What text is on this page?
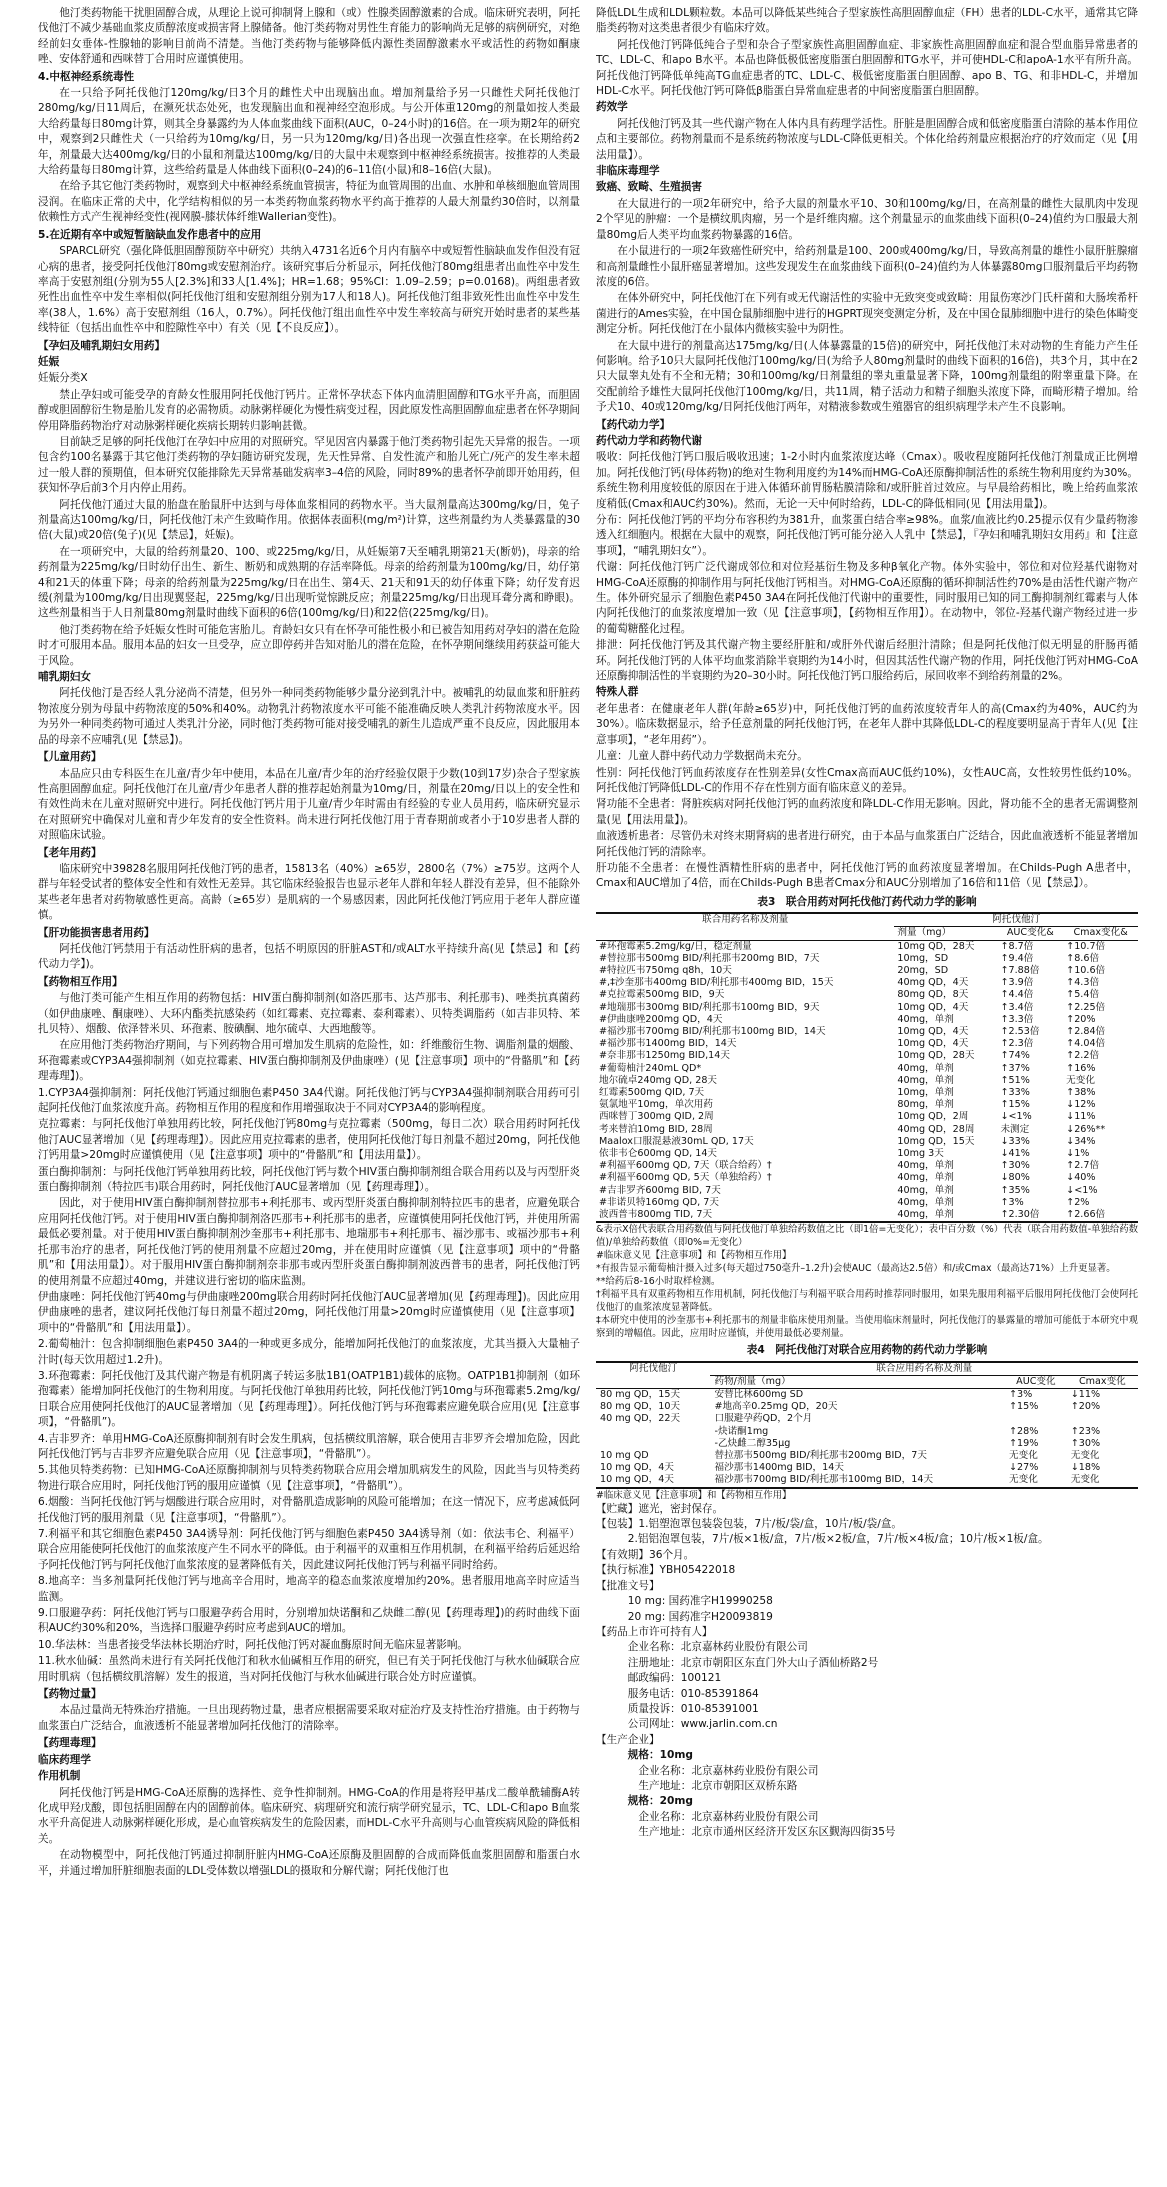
他汀类药物能干扰胆固醇合成，从理论上说可抑制肾上腺和（或）性腺类固醇激素的合成。临床研究表明，阿托伐他汀不减少基础血浆皮质醇浓度或损害肾上腺储备。他汀类药物对男性生育能力的影响尚无足够的病例研究，对绝经前妇女垂体-性腺轴的影响目前尚不清楚。当他汀类药物与能够降低内源性类固醇激素水平或活性的药物如酮康唑、安体舒通和西咪替丁合用时应谨慎使用。

4.中枢神经系统毒性

在一只给予阿托伐他汀120mg/kg/日3个月的雌性犬中出现脑出血。增加剂量给予另一只雌性犬阿托伐他汀280mg/kg/日11周后，在濒死状态处死，也发现脑出血和视神经空泡形成。与公开体重120mg的剂量如按人类最大给药量每日80mg计算，则其全身暴露约为人体血浆曲线下面积(AUC，0–24小时)的16倍。在一项为期2年的研究中，观察到2只雌性犬（一只给药为10mg/kg/日，另一只为120mg/kg/日)各出现一次强直性痉挛。在长期给药2年，剂量最大达400mg/kg/日的小鼠和剂量达100mg/kg/日的大鼠中未观察到中枢神经系统损害。按推荐的人类最大给药量每日80mg计算，这些给药量是人体曲线下面积(0–24)的6–11倍(小鼠)和8–16倍(大鼠)。

在给予其它他汀类药物时，观察到犬中枢神经系统血管损害，特征为血管周围的出血、水肿和单核细胞血管周围浸润。在临床正常的犬中，化学结构相似的另一本类药物血浆药物水平约高于推荐的人最大剂量约30倍时，以剂量依赖性方式产生视神经变性(视网膜-膝状体纤维Wallerian变性)。

5.在近期有卒中或短暂脑缺血发作患者中的应用

SPARCL研究（强化降低胆固醇预防卒中研究）共纳入4731名近6个月内有脑卒中或短暂性脑缺血发作但没有冠心病的患者，接受阿托伐他汀80mg或安慰剂治疗。该研究事后分析显示，阿托伐他汀80mg组患者出血性卒中发生率高于安慰剂组(分别为55人[2.3%]和33人[1.4%]；HR=1.68；95%CI：1.09–2.59；p=0.0168)。两组患者致死性出血性卒中发生率相似(阿托伐他汀组和安慰剂组分别为17人和18人)。阿托伐他汀组非致死性出血性卒中发生率(38人，1.6%）高于安慰剂组（16人，0.7%）。阿托伐他汀组出血性卒中发生率较高与研究开始时患者的某些基线特征（包括出血性卒中和腔隙性卒中）有关（见【不良反应】）。

【孕妇及哺乳期妇女用药】

妊娠

妊娠分类X

禁止孕妇或可能受孕的育龄女性服用阿托伐他汀钙片。正常怀孕状态下体内血清胆固醇和TG水平升高，而胆固醇或胆固醇衍生物是胎儿发育的必需物质。动脉粥样硬化为慢性病变过程，因此原发性高胆固醇血症患者在怀孕期间停用降脂药物治疗对动脉粥样硬化疾病长期转归影响甚微。

目前缺乏足够的阿托伐他汀在孕妇中应用的对照研究。罕见因宫内暴露于他汀类药物引起先天异常的报告。一项包含约100名暴露于其它他汀类药物的孕妇随访研究发现，先天性异常、自发性流产和胎儿死亡/死产的发生率未超过一般人群的预期值，但本研究仅能排除先天异常基础发病率3–4倍的风险，同时89%的患者怀孕前即开始用药，但获知怀孕后前3个月内停止用药。

阿托伐他汀通过大鼠的胎盘在胎鼠肝中达到与母体血浆相同的药物水平。当大鼠剂量高达300mg/kg/日，兔子剂量高达100mg/kg/日，阿托伐他汀未产生致畸作用。依据体表面积(mg/m²)计算，这些剂量约为人类暴露量的30倍(大鼠)或20倍(兔子)(见【禁忌】，妊娠)。

在一项研究中，大鼠的给药剂量20、100、或225mg/kg/日，从妊娠第7天至哺乳期第21天(断奶)，母亲的给药剂量为225mg/kg/日时幼仔出生、新生、断奶和成熟期的存活率降低。母亲的给药剂量为100mg/kg/日，幼仔第4和21天的体重下降；母亲的给药剂量为225mg/kg/日在出生、第4天、21天和91天的幼仔体重下降；幼仔发育迟缓(剂量为100mg/kg/日出现翼竖起，225mg/kg/日出现听觉惊跳反应；剂量225mg/kg/日出现耳聋分离和睁眼)。这些剂量相当于人日剂量80mg剂量时曲线下面积的6倍(100mg/kg/日)和22倍(225mg/kg/日)。

他汀类药物在给予妊娠女性时可能危害胎儿。育龄妇女只有在怀孕可能性极小和已被告知用药对孕妇的潜在危险时才可服用本品。服用本品的妇女一旦受孕，应立即停药并告知对胎儿的潜在危险，在怀孕期间继续用药获益可能大于风险。

哺乳期妇女

阿托伐他汀是否经人乳分泌尚不清楚，但另外一种同类药物能够少量分泌到乳汁中。被哺乳的幼鼠血浆和肝脏药物浓度分别为母鼠中药物浓度的50%和40%。动物乳汁药物浓度水平可能不能准确反映人类乳汁药物浓度水平。因为另外一种同类药物可通过人类乳汁分泌，同时他汀类药物可能对接受哺乳的新生儿造成严重不良反应，因此服用本品的母亲不应哺乳(见【禁忌】)。

【儿童用药】

本品应只由专科医生在儿童/青少年中使用，本品在儿童/青少年的治疗经验仅限于少数(10到17岁)杂合子型家族性高胆固醇血症。阿托伐他汀在儿童/青少年患者人群的推荐起始剂量为10mg/日，剂量在20mg/日以上的安全性和有效性尚未在儿童对照研究中进行。阿托伐他汀钙片用于儿童/青少年时需由有经验的专业人员用药，临床研究显示在对照研究中确保对儿童和青少年发育的安全性资料。尚未进行阿托伐他汀用于青春期前或者小于10岁患者人群的对照临床试验。

【老年用药】

临床研究中39828名服用阿托伐他汀钙的患者，15813名（40%）≥65岁，2800名（7%）≥75岁。这两个人群与年轻受试者的整体安全性和有效性无差异。其它临床经验报告也显示老年人群和年轻人群没有差异，但不能除外某些老年患者对药物敏感性更高。高龄（≥65岁）是肌病的一个易感因素，因此阿托伐他汀钙应用于老年人群应谨慎。

【肝功能损害患者用药】

阿托伐他汀钙禁用于有活动性肝病的患者，包括不明原因的肝脏AST和/或ALT水平持续升高(见【禁忌】和【药代动力学】)。

【药物相互作用】

与他汀类可能产生相互作用的药物包括：HIV蛋白酶抑制剂(如洛匹那韦、达芦那韦、利托那韦)、唑类抗真菌药（如伊曲康唑、酮康唑）、大环内酯类抗感染药（如红霉素、克拉霉素、泰利霉素）、贝特类调脂药（如吉非贝特、苯扎贝特）、烟酸、依泽替米贝、环孢素、胺碘酮、地尔硫卓、大西地酸等。

在应用他汀类药物治疗期间，与下列药物合用可增加发生肌病的危险性，如：纤维酸衍生物、调脂剂量的烟酸、环孢霉素或CYP3A4强抑制剂（如克拉霉素、HIV蛋白酶抑制剂及伊曲康唑）(见【注意事项】项中的“骨骼肌”和【药理毒理】)。

1.CYP3A4强抑制剂：阿托伐他汀钙通过细胞色素P450 3A4代谢。阿托伐他汀钙与CYP3A4强抑制剂联合用药可引起阿托伐他汀血浆浓度升高。药物相互作用的程度和作用增强取决于不同对CYP3A4的影响程度。

克拉霉素：与阿托伐他汀单独用药比较，阿托伐他汀钙80mg与克拉霉素（500mg，每日二次）联合用药时阿托伐他汀AUC显著增加（见【药理毒理】）。因此应用克拉霉素的患者，使用阿托伐他汀每日剂量不超过20mg，阿托伐他汀钙用量>20mg时应谨慎使用（见【注意事项】项中的“骨骼肌”和【用法用量】）。

蛋白酶抑制剂：与阿托伐他汀钙单独用药比较，阿托伐他汀钙与数个HIV蛋白酶抑制剂组合联合用药以及与丙型肝炎蛋白酶抑制剂（特拉匹韦)联合用药时，阿托伐他汀AUC显著增加（见【药理毒理】）。

因此，对于使用HIV蛋白酶抑制剂替拉那韦+利托那韦、或丙型肝炎蛋白酶抑制剂特拉匹韦的患者，应避免联合应用阿托伐他汀钙。对于使用HIV蛋白酶抑制剂洛匹那韦+利托那韦的患者，应谨慎使用阿托伐他汀钙，并使用所需最低必要剂量。对于使用HIV蛋白酶抑制剂沙奎那韦+利托那韦、地瑞那韦+利托那韦、福沙那韦、或福沙那韦+利托那韦治疗的患者，阿托伐他汀钙的使用剂量不应超过20mg，并在使用时应谨慎（见【注意事项】项中的“骨骼肌”和【用法用量】）。对于服用HIV蛋白酶抑制剂奈非那韦或丙型肝炎蛋白酶抑制剂波西普韦的患者，阿托伐他汀钙的使用剂量不应超过40mg，并建议进行密切的临床监测。

伊曲康唑：阿托伐他汀钙40mg与伊曲康唑200mg联合用药时阿托伐他汀AUC显著增加(见【药理毒理】)。因此应用伊曲康唑的患者，建议阿托伐他汀每日剂量不超过20mg，阿托伐他汀用量>20mg时应谨慎使用（见【注意事项】项中的“骨骼肌”和【用法用量】）。

2.葡萄柚汁：包含抑制细胞色素P450 3A4的一种或更多成分，能增加阿托伐他汀的血浆浓度，尤其当摄入大量柚子汁时(每天饮用超过1.2升)。

3.环孢霉素：阿托伐他汀及其代谢产物是有机阴离子转运多肽1B1(OATP1B1)载体的底物。OATP1B1抑制剂（如环孢霉素）能增加阿托伐他汀的生物利用度。与阿托伐他汀单独用药比较，阿托伐他汀钙10mg与环孢霉素5.2mg/kg/日联合应用使阿托伐他汀的AUC显著增加（见【药理毒理】）。阿托伐他汀钙与环孢霉素应避免联合应用(见【注意事项】，“骨骼肌”)。

4.吉非罗齐：单用HMG-CoA还原酶抑制剂有时会发生肌病，包括横纹肌溶解，联合使用吉非罗齐会增加危险，因此阿托伐他汀钙与吉非罗齐应避免联合应用（见【注意事项】，“骨骼肌”）。

5.其他贝特类药物：已知HMG-CoA还原酶抑制剂与贝特类药物联合应用会增加肌病发生的风险，因此当与贝特类药物进行联合应用时，阿托伐他汀钙的服用应谨慎（见【注意事项】，“骨骼肌”）。

6.烟酸：当阿托伐他汀钙与烟酸进行联合应用时，对骨骼肌造成影响的风险可能增加；在这一情况下，应考虑减低阿托伐他汀钙的服用剂量（见【注意事项】，“骨骼肌”）。

7.利福平和其它细胞色素P450 3A4诱导剂：阿托伐他汀钙与细胞色素P450 3A4诱导剂（如：依法韦仑、利福平）联合应用能使阿托伐他汀的血浆浓度产生不同水平的降低。由于利福平的双重相互作用机制，在利福平给药后延迟给予阿托伐他汀钙与阿托伐他汀血浆浓度的显著降低有关，因此建议阿托伐他汀钙与利福平同时给药。

8.地高辛：当多剂量阿托伐他汀钙与地高辛合用时，地高辛的稳态血浆浓度增加约20%。患者服用地高辛时应适当监测。

9.口服避孕药：阿托伐他汀钙与口服避孕药合用时，分别增加炔诺酮和乙炔雌二醇(见【药理毒理】)的药时曲线下面积AUC约30%和20%，当选择口服避孕药时应考虑到AUC的增加。

10.华法林：当患者接受华法林长期治疗时，阿托伐他汀钙对凝血酶原时间无临床显著影响。

11.秋水仙碱：虽然尚未进行有关阿托伐他汀和秋水仙碱相互作用的研究，但已有关于阿托伐他汀与秋水仙碱联合应用时肌病（包括横纹肌溶解）发生的报道，当对阿托伐他汀与秋水仙碱进行联合处方时应谨慎。

【药物过量】

本品过量尚无特殊治疗措施。一旦出现药物过量，患者应根据需要采取对症治疗及支持性治疗措施。由于药物与血浆蛋白广泛结合，血液透析不能显著增加阿托伐他汀的清除率。

【药理毒理】

临床药理学

作用机制

阿托伐他汀钙是HMG-CoA还原酶的选择性、竞争性抑制剂。HMG-CoA的作用是将羟甲基戊二酸单酰辅酶A转化成甲羟戊酸，即包括胆固醇在内的固醇前体。临床研究、病理研究和流行病学研究显示，TC、LDL-C和apo B血浆水平升高促进人动脉粥样硬化形成，是心血管疾病发生的危险因素，而HDL-C水平升高则与心血管疾病风险的降低相关。

在动物模型中，阿托伐他汀钙通过抑制肝脏内HMG-CoA还原酶及胆固醇的合成而降低血浆胆固醇和脂蛋白水平，并通过增加肝脏细胞表面的LDL受体数以增强LDL的摄取和分解代谢；阿托伐他汀也

降低LDL生成和LDL颗粒数。本品可以降低某些纯合子型家族性高胆固醇血症（FH）患者的LDL-C水平，通常其它降脂类药物对这类患者很少有临床疗效。

阿托伐他汀钙降低纯合子型和杂合子型家族性高胆固醇血症、非家族性高胆固醇血症和混合型血脂异常患者的TC、LDL-C、和apo B水平。本品也降低极低密度脂蛋白胆固醇和TG水平，并可使HDL-C和apoA-1水平有所升高。阿托伐他汀钙降低单纯高TG血症患者的TC、LDL-C、极低密度脂蛋白胆固醇、apo B、TG、和非HDL-C，并增加HDL-C水平。阿托伐他汀钙可降低β脂蛋白异常血症患者的中间密度脂蛋白胆固醇。

药效学

阿托伐他汀钙及其一些代谢产物在人体内具有药理学活性。肝脏是胆固醇合成和低密度脂蛋白清除的基本作用位点和主要部位。药物剂量而不是系统药物浓度与LDL-C降低更相关。个体化给药剂量应根据治疗的疗效而定（见【用法用量】）。

非临床毒理学

致癌、致畸、生殖损害

在大鼠进行的一项2年研究中，给予大鼠的剂量水平10、30和100mg/kg/日，在高剂量的雌性大鼠肌肉中发现2个罕见的肿瘤：一个是横纹肌肉瘤，另一个是纤维肉瘤。这个剂量显示的血浆曲线下面积(0–24)值约为口服最大剂量80mg后人类平均血浆药物暴露的16倍。

在小鼠进行的一项2年致癌性研究中，给药剂量是100、200或400mg/kg/日，导致高剂量的雄性小鼠肝脏腺瘤和高剂量雌性小鼠肝癌显著增加。这些发现发生在血浆曲线下面积(0–24)值约为人体暴露80mg口服剂量后平均药物浓度的6倍。

在体外研究中，阿托伐他汀在下列有或无代谢活性的实验中无致突变或致畸：用鼠伤寒沙门氏杆菌和大肠埃希杆菌进行的Ames实验，在中国仓鼠肺细胞中进行的HGPRT现突变测定分析，及在中国仓鼠肺细胞中进行的染色体畸变测定分析。阿托伐他汀在小鼠体内微核实验中为阴性。

在大鼠中进行的剂量高达175mg/kg/日(人体暴露量的15倍)的研究中，阿托伐他汀未对动物的生育能力产生任何影响。给予10只大鼠阿托伐他汀100mg/kg/日(为给予人80mg剂量时的曲线下面积的16倍)，共3个月，其中在2只大鼠睾丸处有不全和无精；30和100mg/kg/日剂量组的睾丸重量显著下降，100mg剂量组的附睾重量下降。在交配前给予雄性大鼠阿托伐他汀100mg/kg/日，共11周，精子活动力和精子细胞头浓度下降，而畸形精子增加。给予犬10、40或120mg/kg/日阿托伐他汀两年，对精液参数或生殖器官的组织病理学未产生不良影响。

【药代动力学】

药代动力学和药物代谢

吸收：阿托伐他汀钙口服后吸收迅速；1-2小时内血浆浓度达峰（Cmax）。吸收程度随阿托伐他汀剂量成正比例增加。阿托伐他汀钙(母体药物)的绝对生物利用度约为14%而HMG-CoA还原酶抑制活性的系统生物利用度约为30%。系统生物利用度较低的原因在于进入体循环前胃肠粘膜清除和/或肝脏首过效应。与早晨给药相比，晚上给药血浆浓度稍低(Cmax和AUC约30%)。然而，无论一天中何时给药，LDL-C的降低相同(见【用法用量】)。

分布：阿托伐他汀钙的平均分布容积约为381升，血浆蛋白结合率≥98%。血浆/血液比约0.25提示仅有少量药物渗透入红细胞内。根据在大鼠中的观察，阿托伐他汀钙可能分泌入人乳中【禁忌】，『孕妇和哺乳期妇女用药』和【注意事项】，“哺乳期妇女”）。

代谢：阿托伐他汀钙广泛代谢成邻位和对位羟基衍生物及多种β氧化产物。体外实验中，邻位和对位羟基代谢物对HMG-CoA还原酶的抑制作用与阿托伐他汀钙相当。对HMG-CoA还原酶的循环抑制活性约70%是由活性代谢产物产生。体外研究显示了细胞色素P450 3A4在阿托伐他汀代谢中的重要性，同时服用已知的同工酶抑制剂红霉素与人体内阿托伐他汀的血浆浓度增加一致（见【注意事项】，【药物相互作用】）。在动物中，邻位-羟基代谢产物经过进一步的葡萄糖醛化过程。

排泄：阿托伐他汀钙及其代谢产物主要经肝脏和/或肝外代谢后经胆汁清除；但是阿托伐他汀似无明显的肝肠再循环。阿托伐他汀钙的人体平均血浆消除半衰期约为14小时，但因其活性代谢产物的作用，阿托伐他汀钙对HMG-CoA还原酶抑制活性的半衰期约为20–30小时。阿托伐他汀钙口服给药后，尿回收率不到给药剂量的2%。

特殊人群

老年患者：在健康老年人群(年龄≥65岁)中，阿托伐他汀钙的血药浓度较青年人的高(Cmax约为40%，AUC约为30%）。临床数据显示，给予任意剂量的阿托伐他汀钙，在老年人群中其降低LDL-C的程度要明显高于青年人(见【注意事项】，“老年用药”）。

儿童：儿童人群中药代动力学数据尚未充分。

性别：阿托伐他汀钙血药浓度存在性别差异(女性Cmax高而AUC低约10%)，女性AUC高，女性较男性低约10%。阿托伐他汀钙降低LDL-C的作用不存在性别方面有临床意义的差异。

肾功能不全患者：肾脏疾病对阿托伐他汀钙的血药浓度和降LDL-C作用无影响。因此，肾功能不全的患者无需调整剂量(见【用法用量】)。

血液透析患者：尽管仍未对终末期肾病的患者进行研究，由于本品与血浆蛋白广泛结合，因此血液透析不能显著增加阿托伐他汀钙的清除率。

肝功能不全患者：在慢性酒精性肝病的患者中，阿托伐他汀钙的血药浓度显著增加。在Childs-Pugh A患者中，Cmax和AUC增加了4倍，而在Childs-Pugh B患者Cmax分和AUC分别增加了16倍和11倍（见【禁忌】）。

表3　联合用药对阿托伐他汀药代动力学的影响

联合用药名称及剂量	阿托伐他汀		
	剂量（mg）	AUC变化&	Cmax变化&
#环孢霉素5.2mg/kg/日，稳定剂量	10mg QD，28天	↑8.7倍	↑10.7倍
#替拉那韦500mg BID/利托那韦200mg BID，7天	10mg，SD	↑9.4倍	↑8.6倍
#特拉匹韦750mg q8h，10天	20mg，SD	↑7.88倍	↑10.6倍
#,‡沙奎那韦400mg BID/利托那韦400mg BID，15天	40mg QD，4天	↑3.9倍	↑4.3倍
#克拉霉素500mg BID，9天	80mg QD，8天	↑4.4倍	↑5.4倍
#地瑞那韦300mg BID/利托那韦100mg BID，9天	10mg QD，4天	↑3.4倍	↑2.25倍
#伊曲康唑200mg QD，4天	40mg，单剂	↑3.3倍	↑20%
#福沙那韦700mg BID/利托那韦100mg BID，14天	10mg QD，4天	↑2.53倍	↑2.84倍
#福沙那韦1400mg BID，14天	10mg QD，4天	↑2.3倍	↑4.04倍
#奈非那韦1250mg BID,14天	10mg QD，28天	↑74%	↑2.2倍
#葡萄柚汁240mL QD*	40mg，单剂	↑37%	↑16%
地尔硫卓240mg QD, 28天	40mg，单剂	↑51%	无变化
红霉素500mg QID, 7天	10mg，单剂	↑33%	↑38%
氨氯地平10mg，单次用药	80mg，单剂	↑15%	↓12%
西咪替丁300mg QID, 2周	10mg QD，2周	↓<1%	↓11%
考来替泊10mg BID, 28周	40mg QD，28周	未测定	↓26%**
Maalox口服混悬液30mL QD, 17天	10mg QD，15天	↓33%	↓34%
依非韦仑600mg QD, 14天	10mg 3天	↓41%	↓1%
#利福平600mg QD, 7天（联合给药）†	40mg，单剂	↑30%	↑2.7倍
#利福平600mg QD, 5天（单独给药）†	40mg，单剂	↓80%	↓40%
#吉非罗齐600mg BID, 7天	40mg，单剂	↑35%	↓<1%
#非诺贝特160mg QD, 7天	40mg，单剂	↑3%	↑2%
波西普韦800mg TID, 7天	40mg，单剂	↑2.30倍	↑2.66倍

&表示X倍代表联合用药数值与阿托伐他汀单独给药数值之比（即1倍=无变化）；表中百分数（%）代表（联合用药数值-单独给药数值)/单独给药数值（即0%=无变化）

#临床意义见【注意事项】和【药物相互作用】

*有报告显示葡萄柚汁摄入过多(每天超过750毫升–1.2升)会使AUC（最高达2.5倍）和/或Cmax（最高达71%）上升更显著。

**给药后8-16小时取样检测。

†利福平具有双重药物相互作用机制，阿托伐他汀与利福平联合用药时推荐同时服用，如果先服用利福平后服用阿托伐他汀会使阿托伐他汀的血浆浓度显著降低。

‡本研究中使用的沙奎那韦+利托那韦的剂量非临床使用剂量。当使用临床剂量时，阿托伐他汀的暴露量的增加可能低于本研究中观察到的增幅值。因此，应用时应谨慎，并使用最低必要剂量。

表4　阿托伐他汀对联合应用药物的药代动力学影响

阿托伐他汀	联合应用药名称及剂量		
	药物/剂量（mg）	AUC变化	Cmax变化
80 mg QD，15天	安替比林600mg SD	↑3%	↓11%
80 mg QD，10天	#地高辛0.25mg QD，20天	↑15%	↑20%
40 mg QD，22天	口服避孕药QD，2个月		
	-炔诺酮1mg	↑28%	↑23%
	-乙炔雌二醇35μg	↑19%	↑30%
10 mg QD	替拉那韦500mg BID/利托那韦200mg BID，7天	无变化	无变化
10 mg QD，4天	福沙那韦1400mg BID，14天	↓27%	↓18%
10 mg QD，4天	福沙那韦700mg BID/利托那韦100mg BID，14天	无变化	无变化

#临床意义见【注意事项】和【药物相互作用】

【贮藏】遮光，密封保存。

【包装】1.铝塑泡罩包装袋包装，7片/板/袋/盒，10片/板/袋/盒。

2.铝铝泡罩包装，7片/板×1板/盒，7片/板×2板/盒，7片/板×4板/盒；10片/板×1板/盒。

【有效期】36个月。

【执行标准】YBH05422018

【批准文号】

10 mg: 国药准字H19990258

20 mg: 国药准字H20093819

【药品上市许可持有人】

企业名称：北京嘉林药业股份有限公司

注册地址：北京市朝阳区东直门外大山子酒仙桥路2号

邮政编码：100121

服务电话：010-85391864

质量投诉：010-85391001

公司网址：www.jarlin.com.cn

【生产企业】

规格：10mg

企业名称：北京嘉林药业股份有限公司

生产地址：北京市朝阳区双桥东路

规格：20mg

企业名称：北京嘉林药业股份有限公司

生产地址：北京市通州区经济开发区东区觐海四街35号
